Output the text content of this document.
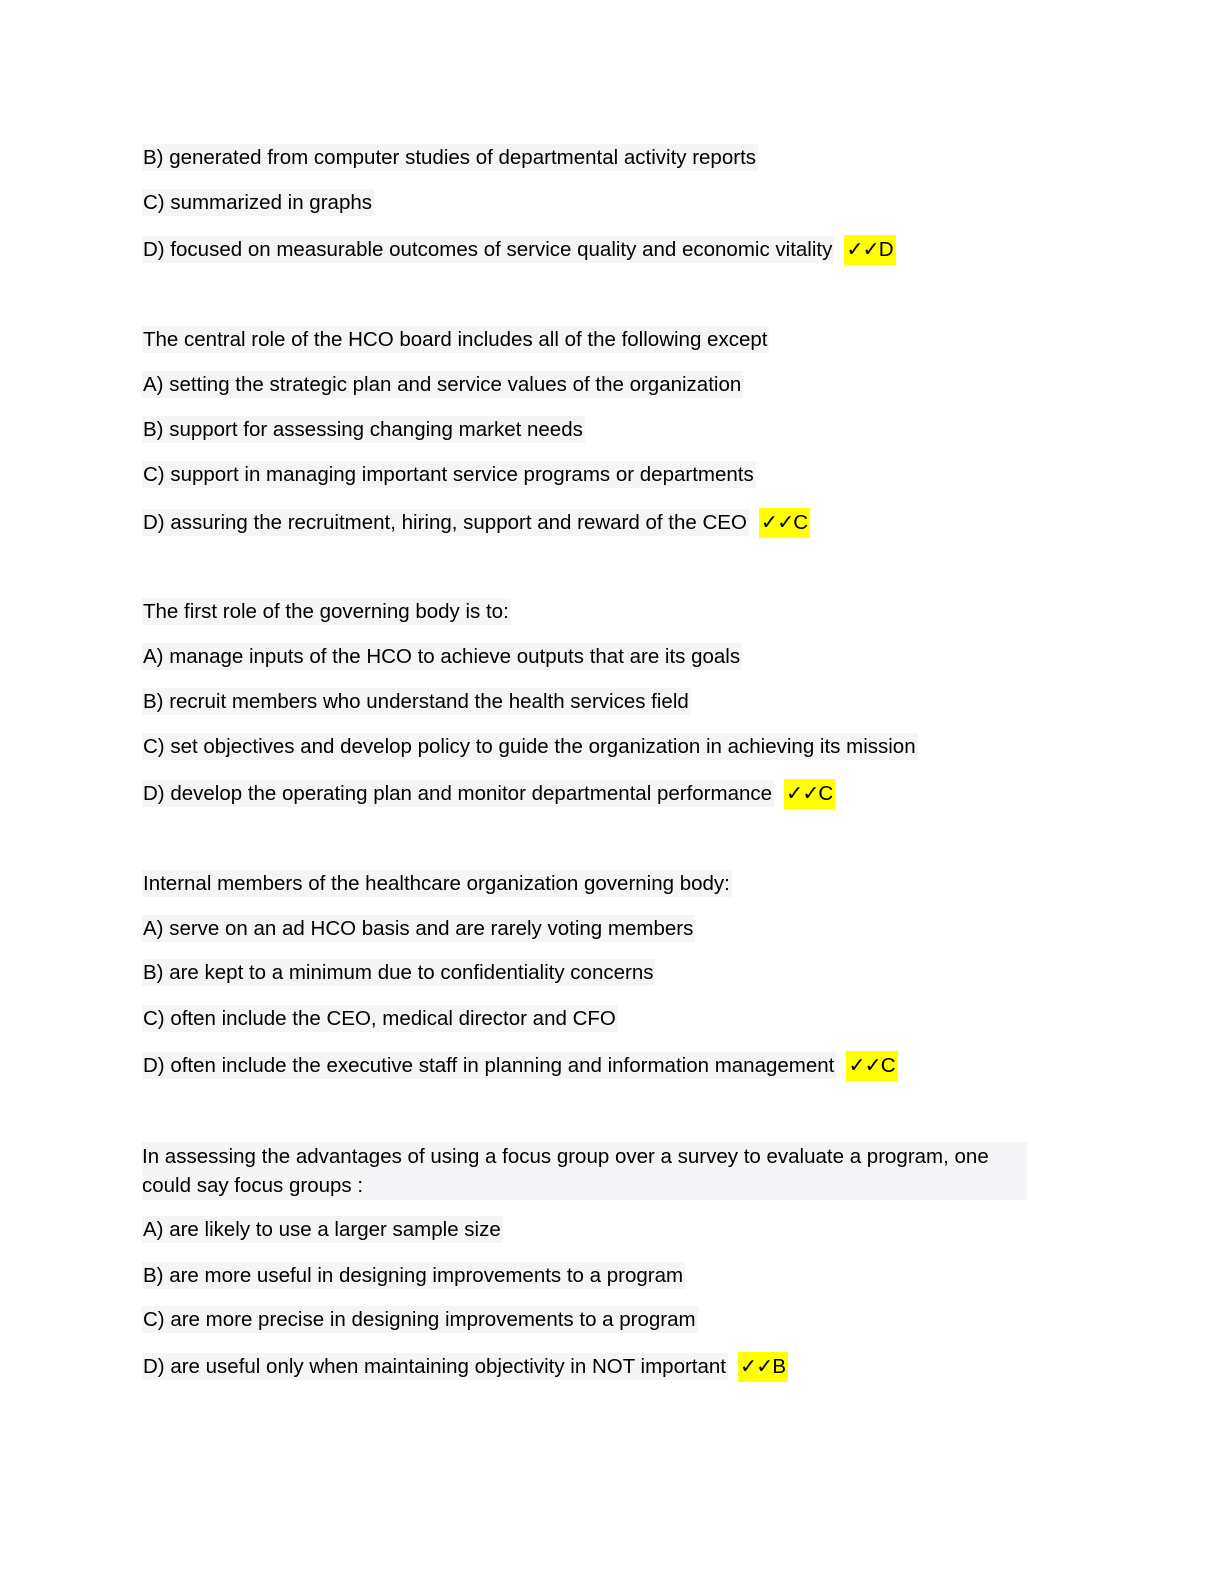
B) generated from computer studies of departmental activity reports
C) summarized in graphs
D) focused on measurable outcomes of service quality and economic vitality ✓✓D
The central role of the HCO board includes all of the following except
A) setting the strategic plan and service values of the organization
B) support for assessing changing market needs
C) support in managing important service programs or departments
D) assuring the recruitment, hiring, support and reward of the CEO ✓✓C
The first role of the governing body is to:
A) manage inputs of the HCO to achieve outputs that are its goals
B) recruit members who understand the health services field
C) set objectives and develop policy to guide the organization in achieving its mission
D) develop the operating plan and monitor departmental performance ✓✓C
Internal members of the healthcare organization governing body:
A) serve on an ad HCO basis and are rarely voting members
B) are kept to a minimum due to confidentiality concerns
C) often include the CEO, medical director and CFO
D) often include the executive staff in planning and information management ✓✓C
In assessing the advantages of using a focus group over a survey to evaluate a program, one could say focus groups :
A) are likely to use a larger sample size
B) are more useful in designing improvements to a program
C) are more precise in designing improvements to a program
D) are useful only when maintaining objectivity in NOT important ✓✓B
